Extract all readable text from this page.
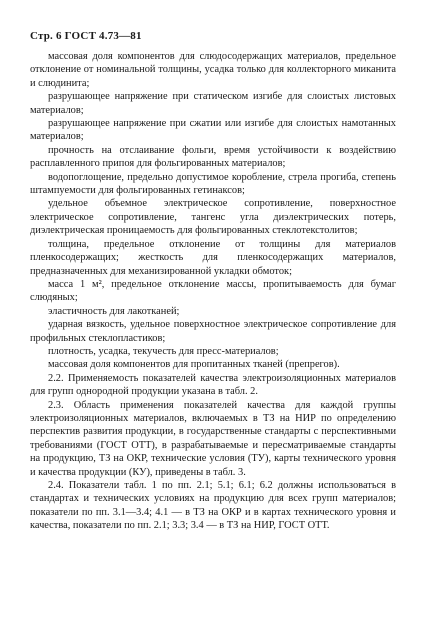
Стр. 6 ГОСТ 4.73—81

массовая доля компонентов для слюдосодержащих материалов, предельное отклонение от номинальной толщины, усадка только для коллекторного миканита и слюдинита;

разрушающее напряжение при статическом изгибе для слоистых листовых материалов;

разрушающее напряжение при сжатии или изгибе для слоистых намотанных материалов;

прочность на отслаивание фольги, время устойчивости к воздействию расплавленного припоя для фольгированных материалов;

водопоглощение, предельно допустимое коробление, стрела прогиба, степень штампуемости для фольгированных гетинаксов;

удельное объемное электрическое сопротивление, поверхностное электрическое сопротивление, тангенс угла диэлектрических потерь, диэлектрическая проницаемость для фольгированных стеклотекстолитов;

толщина, предельное отклонение от толщины для материалов пленкосодержащих; жесткость для пленкосодержащих материалов, предназначенных для механизированной укладки обмоток;

масса 1 м², предельное отклонение массы, пропитываемость для бумаг слюдяных;

эластичность для лакотканей;

ударная вязкость, удельное поверхностное электрическое сопротивление для профильных стеклопластиков;

плотность, усадка, текучесть для пресс-материалов;

массовая доля компонентов для пропитанных тканей (препрегов).

2.2. Применяемость показателей качества электроизоляционных материалов для групп однородной продукции указана в табл. 2.

2.3. Область применения показателей качества для каждой группы электроизоляционных материалов, включаемых в ТЗ на НИР по определению перспектив развития продукции, в государственные стандарты с перспективными требованиями (ГОСТ ОТТ), в разрабатываемые и пересматриваемые стандарты на продукцию, ТЗ на ОКР, технические условия (ТУ), карты технического уровня и качества продукции (КУ), приведены в табл. 3.

2.4. Показатели табл. 1 по пп. 2.1; 5.1; 6.1; 6.2 должны использоваться в стандартах и технических условиях на продукцию для всех групп материалов; показатели по пп. 3.1—3.4; 4.1 — в ТЗ на ОКР и в картах технического уровня и качества, показатели по пп. 2.1; 3.3; 3.4 — в ТЗ на НИР, ГОСТ ОТТ.
